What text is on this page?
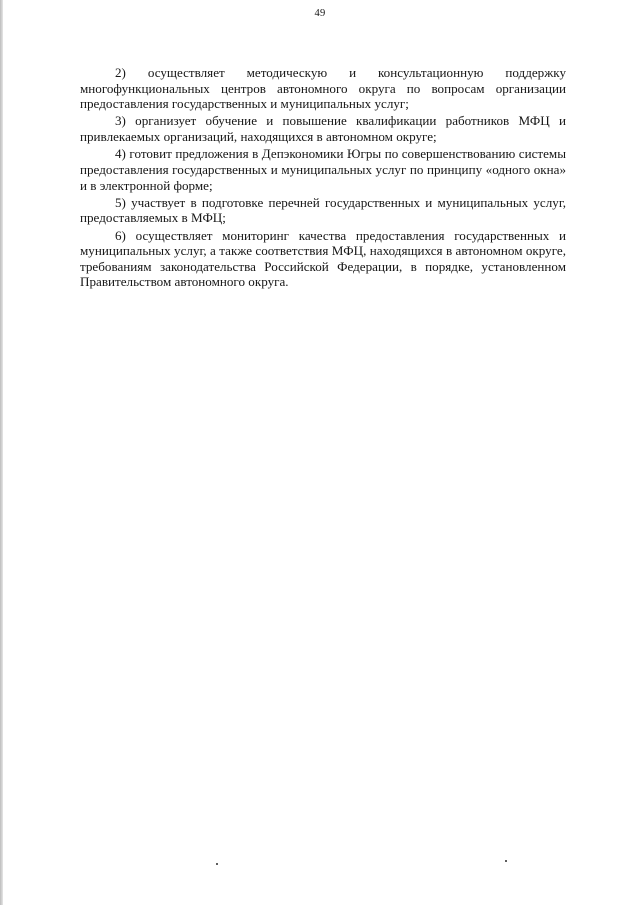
49

2) осуществляет методическую и консультационную поддержку многофункциональных центров автономного округа по вопросам организации предоставления государственных и муниципальных услуг;

3) организует обучение и повышение квалификации работников МФЦ и привлекаемых организаций, находящихся в автономном округе;

4) готовит предложения в Депэкономики Югры по совершенствованию системы предоставления государственных и муниципальных услуг по принципу «одного окна» и в электронной форме;

5) участвует в подготовке перечней государственных и муниципальных услуг, предоставляемых в МФЦ;

6) осуществляет мониторинг качества предоставления государственных и муниципальных услуг, а также соответствия МФЦ, находящихся в автономном округе, требованиям законодательства Российской Федерации, в порядке, установленном Правительством автономного округа.
